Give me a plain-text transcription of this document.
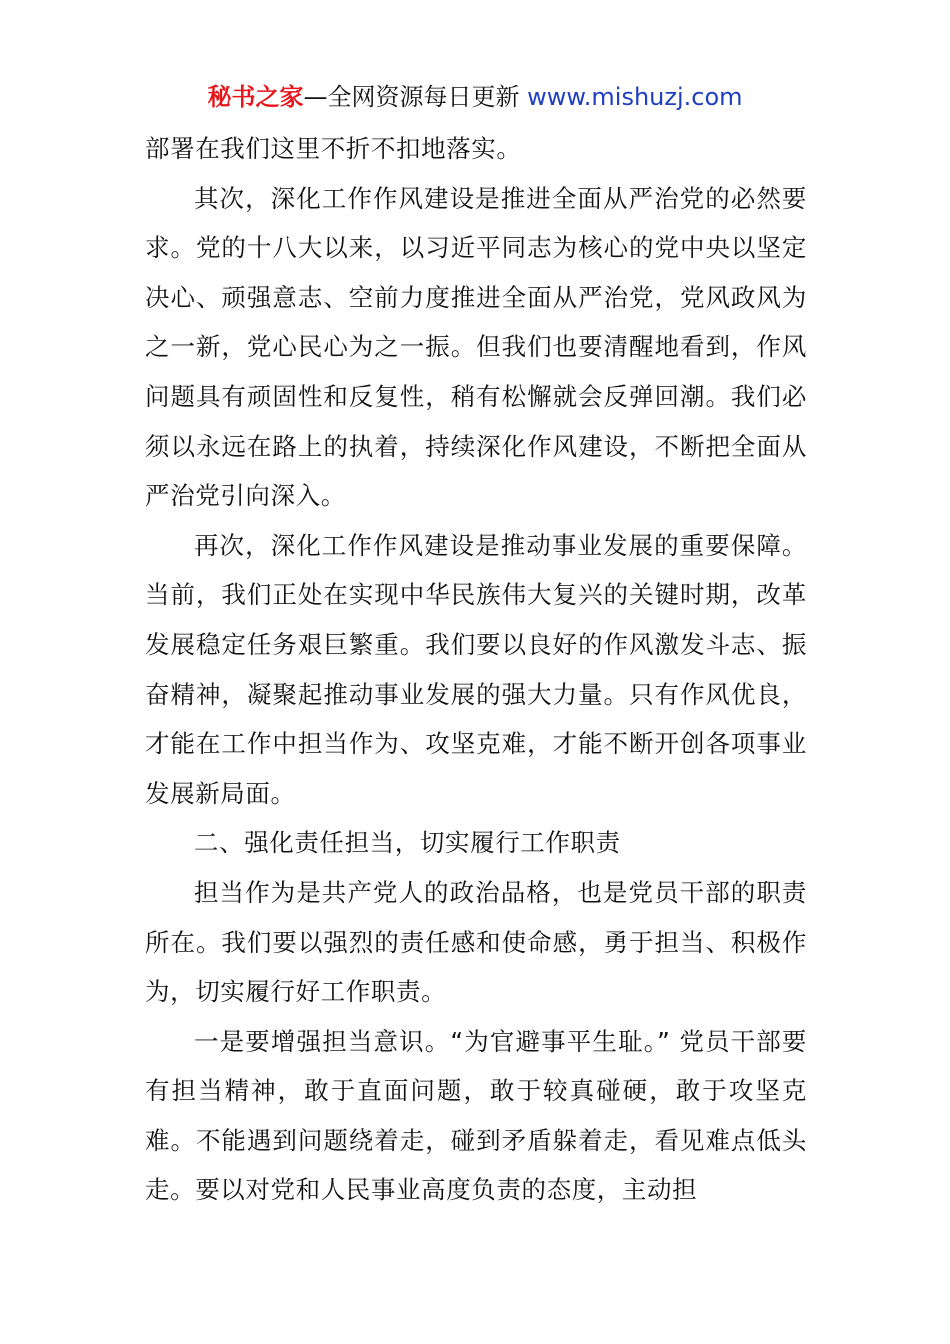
秘书之家—全网资源每日更新 www.mishuzj.com

部署在我们这里不折不扣地落实。

其次，深化工作作风建设是推进全面从严治党的必然要求。党的十八大以来，以习近平同志为核心的党中央以坚定决心、顽强意志、空前力度推进全面从严治党，党风政风为之一新，党心民心为之一振。但我们也要清醒地看到，作风问题具有顽固性和反复性，稍有松懈就会反弹回潮。我们必须以永远在路上的执着，持续深化作风建设，不断把全面从严治党引向深入。

再次，深化工作作风建设是推动事业发展的重要保障。当前，我们正处在实现中华民族伟大复兴的关键时期，改革发展稳定任务艰巨繁重。我们要以良好的作风激发斗志、振奋精神，凝聚起推动事业发展的强大力量。只有作风优良，才能在工作中担当作为、攻坚克难，才能不断开创各项事业发展新局面。

二、强化责任担当，切实履行工作职责

担当作为是共产党人的政治品格，也是党员干部的职责所在。我们要以强烈的责任感和使命感，勇于担当、积极作为，切实履行好工作职责。

一是要增强担当意识。“为官避事平生耻。” 党员干部要有担当精神，敢于直面问题，敢于较真碰硬，敢于攻坚克难。不能遇到问题绕着走，碰到矛盾躲着走，看见难点低头走。要以对党和人民事业高度负责的态度，主动担
